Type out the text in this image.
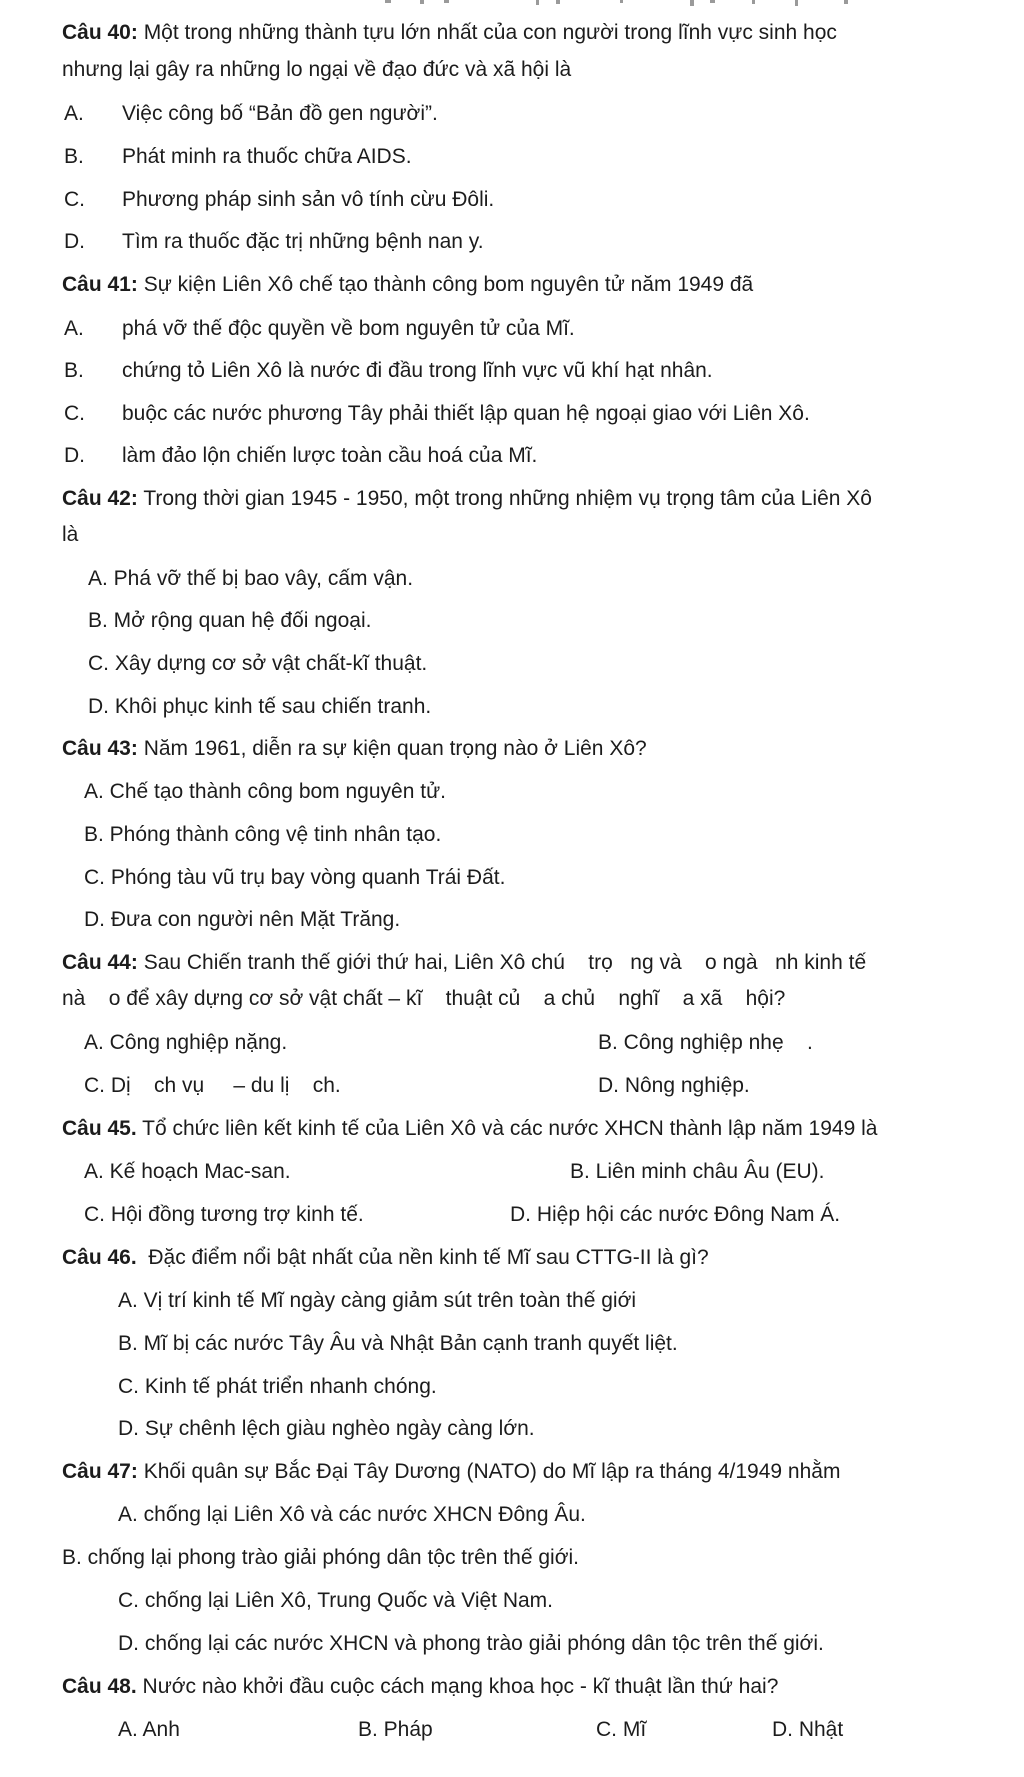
Câu 40: Một trong những thành tựu lớn nhất của con người trong lĩnh vực sinh học
nhưng lại gây ra những lo ngại về đạo đức và xã hội là
A. Việc công bố “Bản đồ gen người”.
B. Phát minh ra thuốc chữa AIDS.
C. Phương pháp sinh sản vô tính cừu Đôli.
D. Tìm ra thuốc đặc trị những bệnh nan y.
Câu 41: Sự kiện Liên Xô chế tạo thành công bom nguyên tử năm 1949 đã
A. phá vỡ thế độc quyền về bom nguyên tử của Mĩ.
B. chứng tỏ Liên Xô là nước đi đầu trong lĩnh vực vũ khí hạt nhân.
C. buộc các nước phương Tây phải thiết lập quan hệ ngoại giao với Liên Xô.
D. làm đảo lộn chiến lược toàn cầu hoá của Mĩ.
Câu 42: Trong thời gian 1945 - 1950, một trong những nhiệm vụ trọng tâm của Liên Xô
là
A. Phá vỡ thế bị bao vây, cấm vận.
B. Mở rộng quan hệ đối ngoại.
C. Xây dựng cơ sở vật chất-kĩ thuật.
D. Khôi phục kinh tế sau chiến tranh.
Câu 43: Năm 1961, diễn ra sự kiện quan trọng nào ở Liên Xô?
A. Chế tạo thành công bom nguyên tử.
B. Phóng thành công vệ tinh nhân tạo.
C. Phóng tàu vũ trụ bay vòng quanh Trái Đất.
D. Đưa con người nên Mặt Trăng.
Câu 44: Sau Chiến tranh thế giới thứ hai, Liên Xô chú    trọ   ng và    o ngà   nh kinh tế
nà    o để xây dựng cơ sở vật chất – kĩ    thuật củ    a chủ    nghĩ    a xã    hội?
A. Công nghiệp nặng.	B. Công nghiệp nhẹ    .
C. Dị    ch vụ     – du lị    ch.	D. Nông nghiệp.
Câu 45. Tổ chức liên kết kinh tế của Liên Xô và các nước XHCN thành lập năm 1949 là
A. Kế hoạch Mac-san.	B. Liên minh châu Âu (EU).
C. Hội đồng tương trợ kinh tế.	D. Hiệp hội các nước Đông Nam Á.
Câu 46.  Đặc điểm nổi bật nhất của nền kinh tế Mĩ sau CTTG-II là gì?
A. Vị trí kinh tế Mĩ ngày càng giảm sút trên toàn thế giới
B. Mĩ bị các nước Tây Âu và Nhật Bản cạnh tranh quyết liệt.
C. Kinh tế phát triển nhanh chóng.
D. Sự chênh lệch giàu nghèo ngày càng lớn.
Câu 47: Khối quân sự Bắc Đại Tây Dương (NATO) do Mĩ lập ra tháng 4/1949 nhằm
A. chống lại Liên Xô và các nước XHCN Đông Âu.
B. chống lại phong trào giải phóng dân tộc trên thế giới.
C. chống lại Liên Xô, Trung Quốc và Việt Nam.
D. chống lại các nước XHCN và phong trào giải phóng dân tộc trên thế giới.
Câu 48. Nước nào khởi đầu cuộc cách mạng khoa học - kĩ thuật lần thứ hai?
A. Anh	B. Pháp	C. Mĩ	D. Nhật
